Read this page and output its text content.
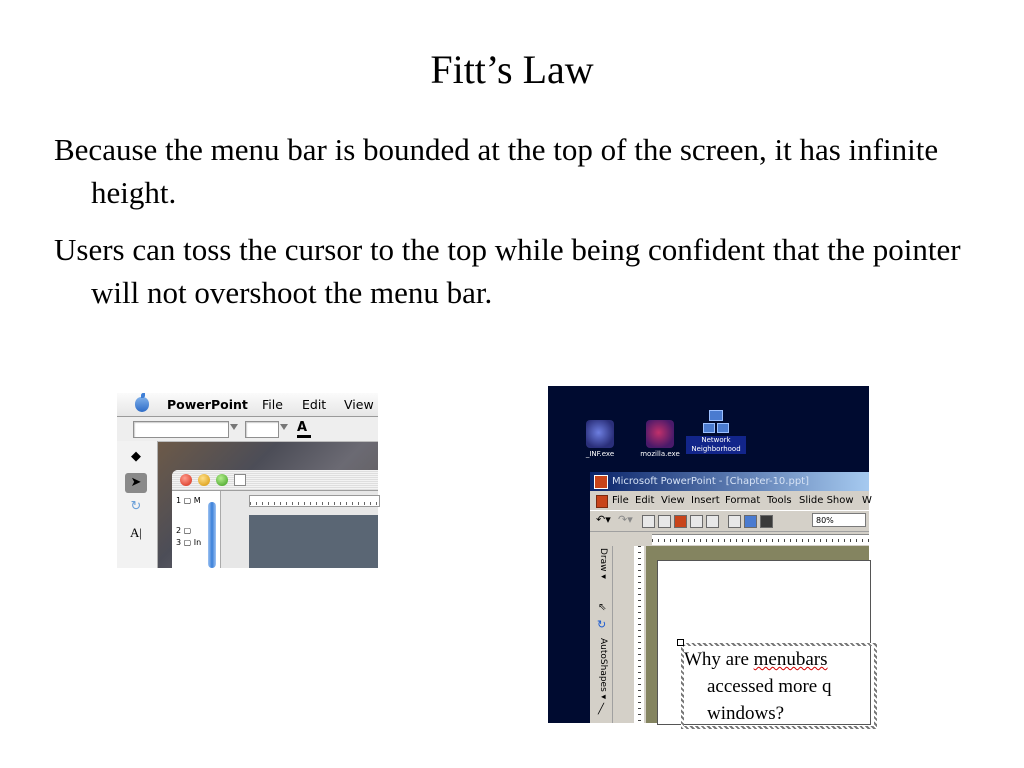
Fitt’s Law
Because the menu bar is bounded at the top of the screen, it has infinite height.
Users can toss the cursor to the top while being confident that the pointer will not overshoot the menu bar.
PowerPoint File Edit View
A
◆
➤
↻
A|
1 ▢ M
2 ▢
3 ▢ In
_INF.exe	mozilla.exe
Network Neighborhood
Microsoft PowerPoint - [Chapter-10.ppt]
File Edit View Insert Format Tools Slide Show W
↶▾ ↷▾	80%
Draw ▾
⇖
↻
AutoShapes ▾
╱
Why are menubars
accessed more q
windows?
